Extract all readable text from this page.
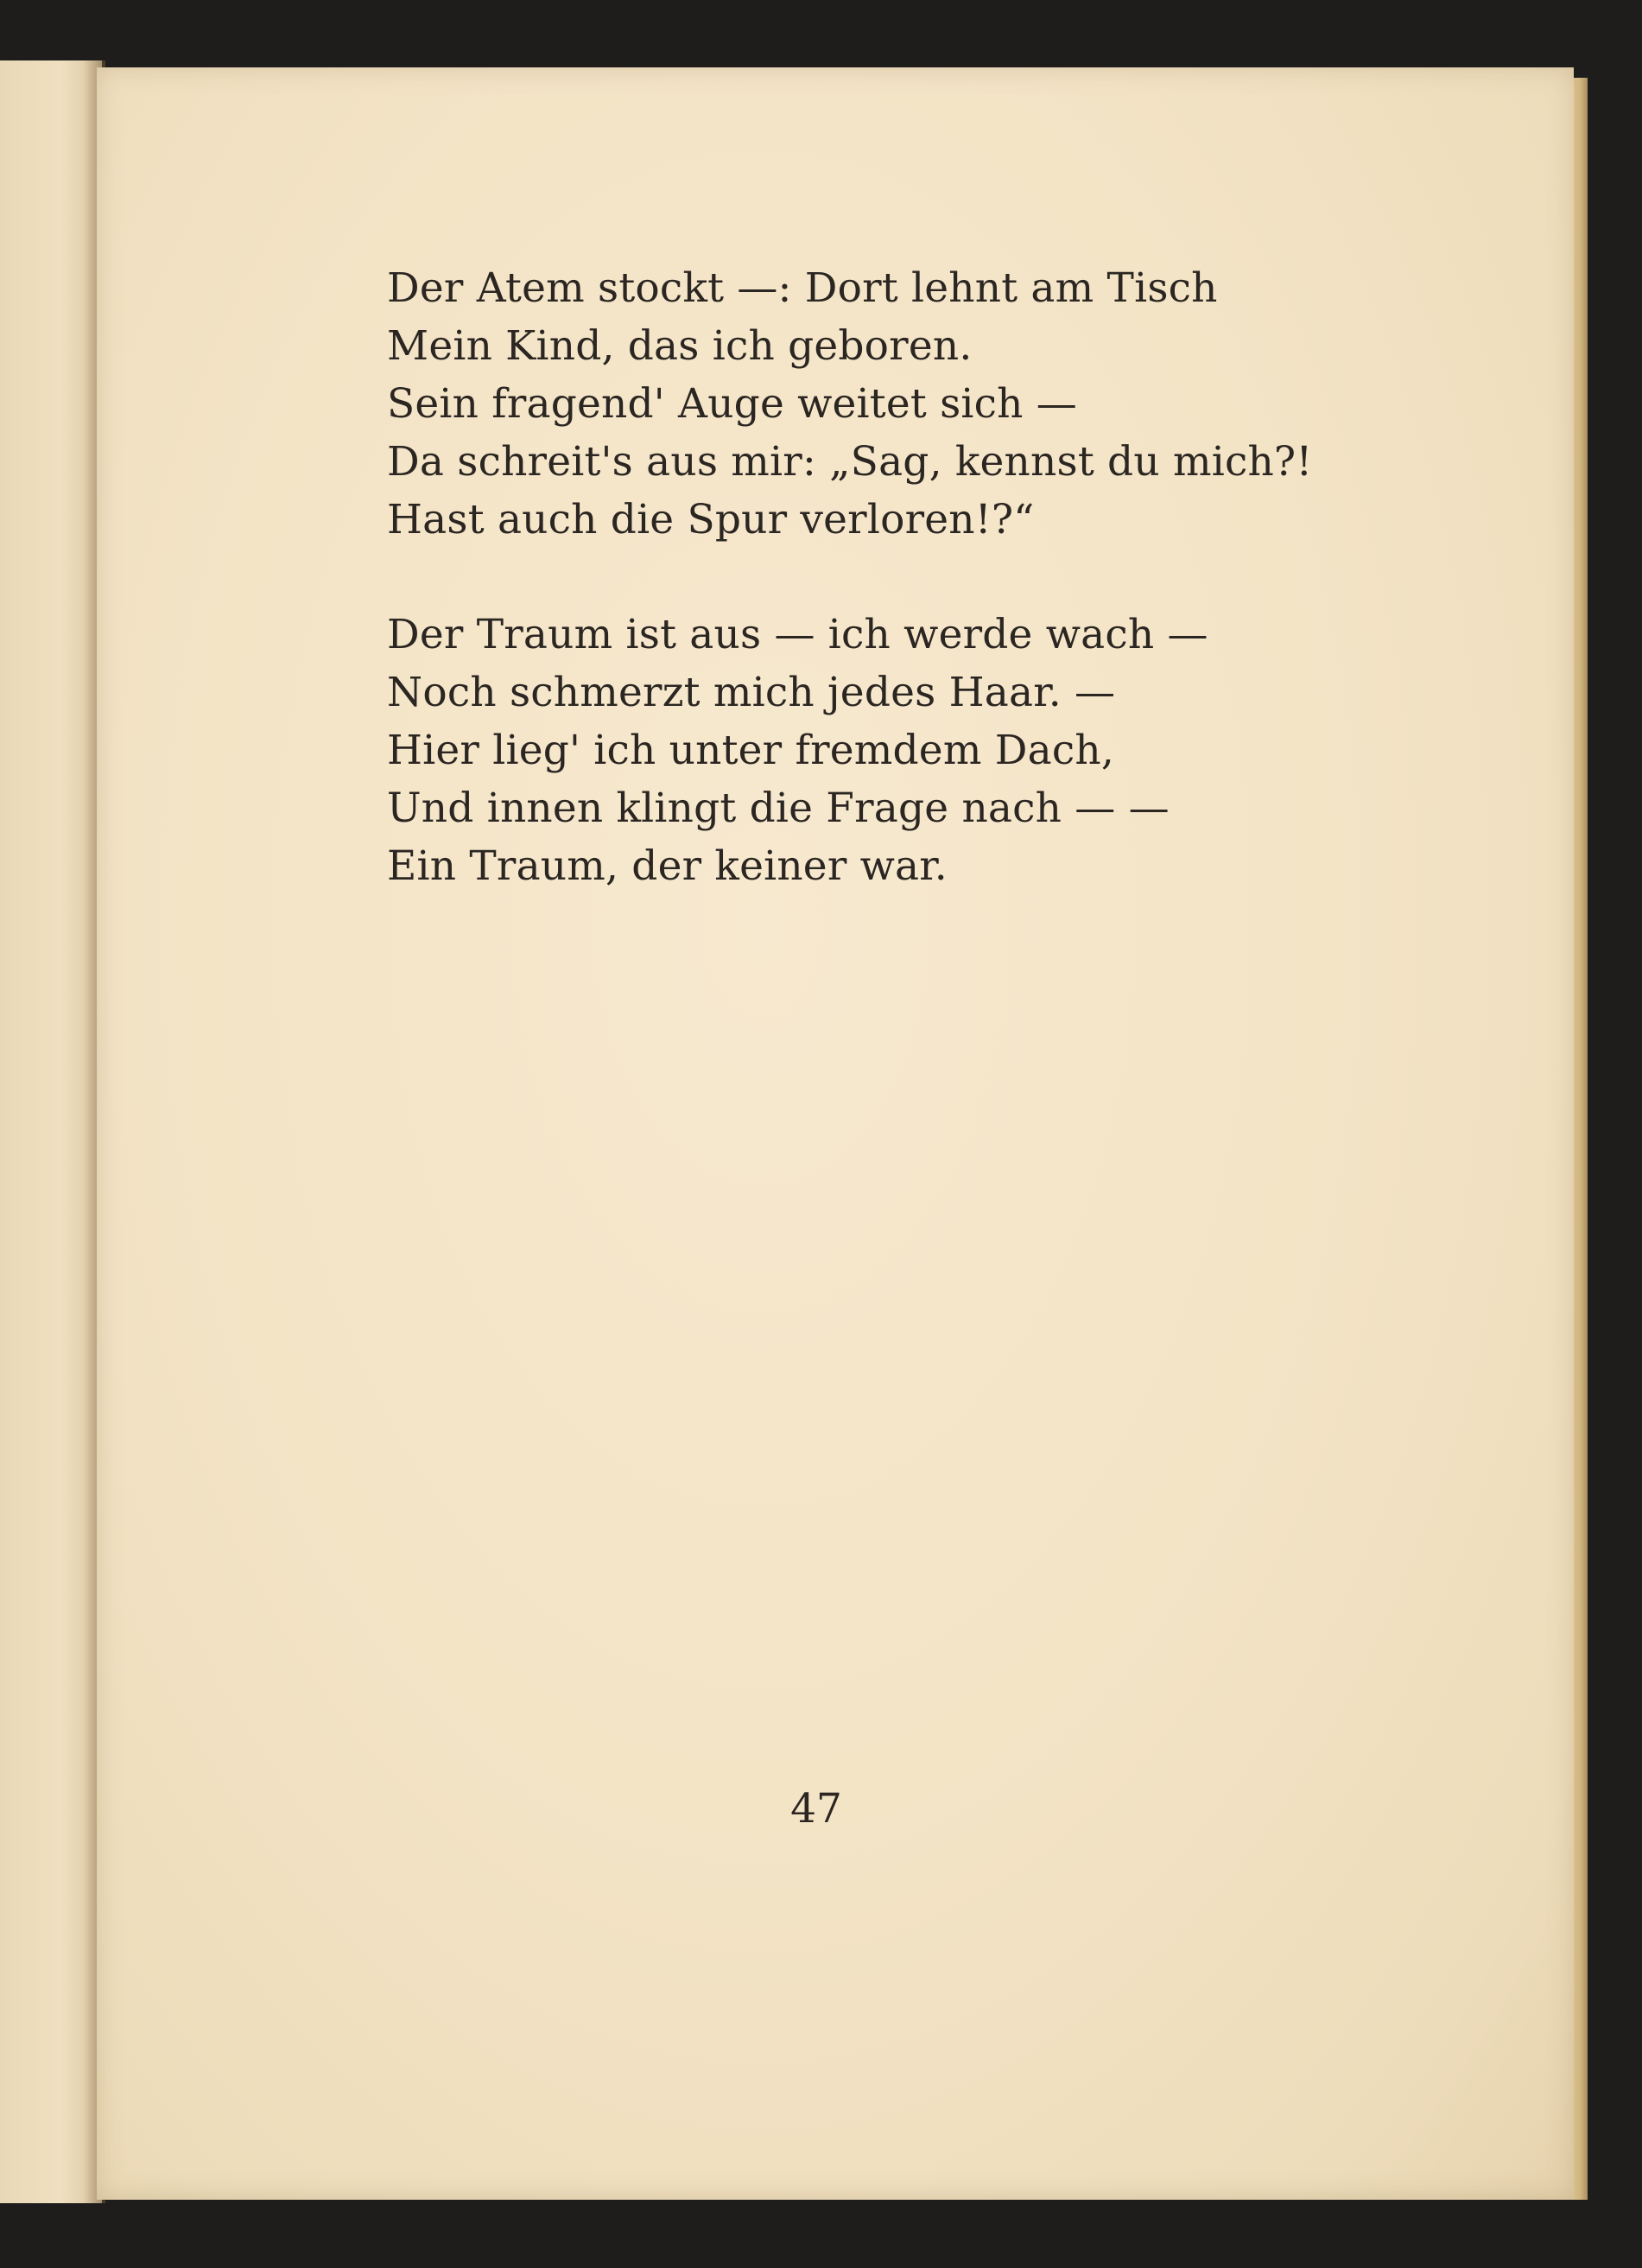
Der Atem stockt —: Dort lehnt am Tisch
Mein Kind, das ich geboren.
Sein fragend' Auge weitet sich —
Da schreit's aus mir: „Sag, kennst du mich?!
Hast auch die Spur verloren!?“
Der Traum ist aus — ich werde wach —
Noch schmerzt mich jedes Haar. —
Hier lieg' ich unter fremdem Dach,
Und innen klingt die Frage nach — —
Ein Traum, der keiner war.
47
